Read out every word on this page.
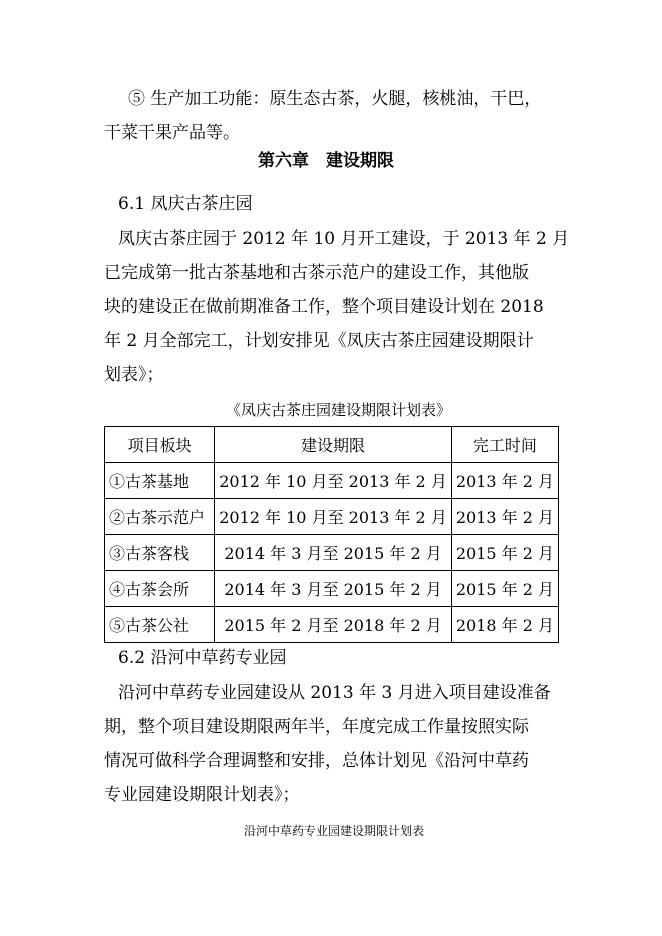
⑤ 生产加工功能：原生态古茶，火腿，核桃油，干巴，
干菜干果产品等。
第六章　建设期限
6.1 凤庆古茶庄园
凤庆古茶庄园于 2012 年 10 月开工建设，于 2013 年 2 月
已完成第一批古茶基地和古茶示范户的建设工作，其他版
块的建设正在做前期准备工作，整个项目建设计划在 2018
年 2 月全部完工，计划安排见《凤庆古茶庄园建设期限计
划表》；
《凤庆古茶庄园建设期限计划表》
项目板块	建设期限	完工时间
①古茶基地	2012 年 10 月至 2013 年 2 月	2013 年 2 月
②古茶示范户	2012 年 10 月至 2013 年 2 月	2013 年 2 月
③古茶客栈	2014 年 3 月至 2015 年 2 月	2015 年 2 月
④古茶会所	2014 年 3 月至 2015 年 2 月	2015 年 2 月
⑤古茶公社	2015 年 2 月至 2018 年 2 月	2018 年 2 月
6.2 沿河中草药专业园
沿河中草药专业园建设从 2013 年 3 月进入项目建设准备
期，整个项目建设期限两年半，年度完成工作量按照实际
情况可做科学合理调整和安排，总体计划见《沿河中草药
专业园建设期限计划表》；
沿河中草药专业园建设期限计划表
